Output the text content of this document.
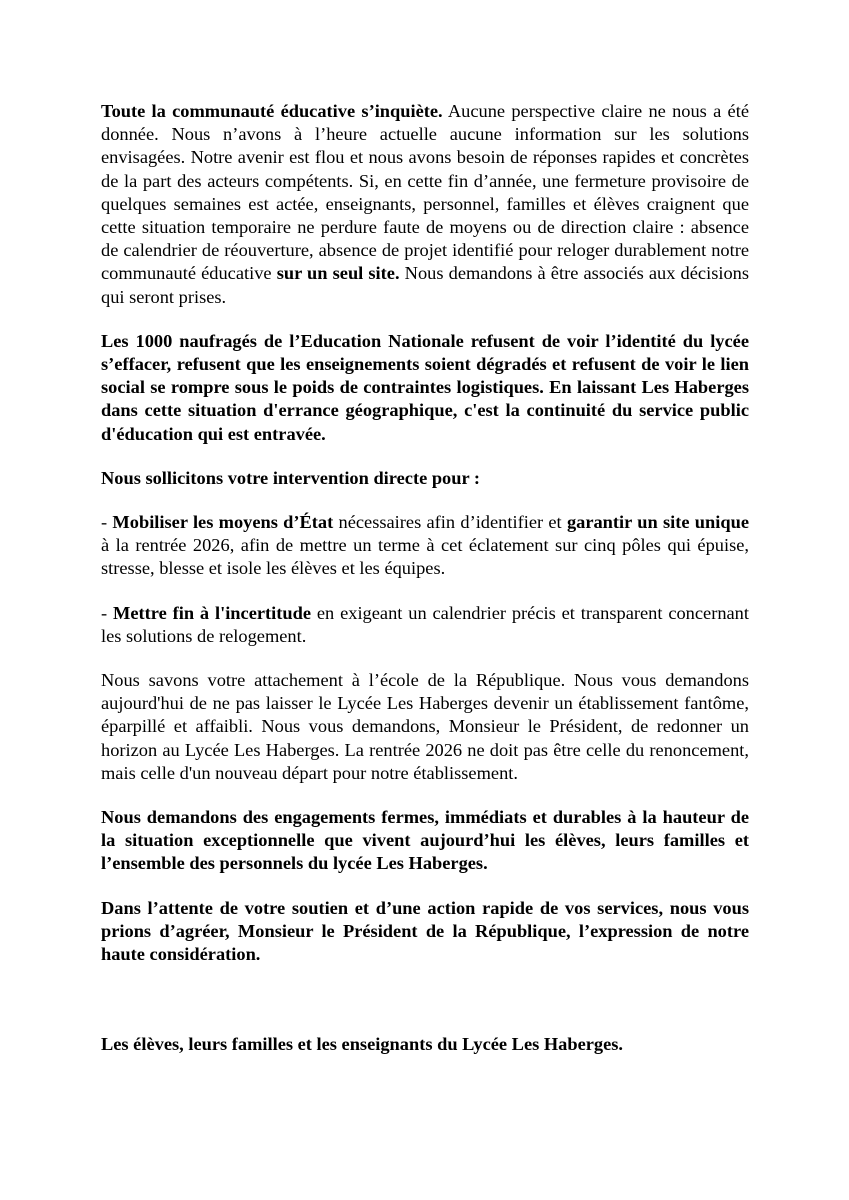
Toute la communauté éducative s’inquiète. Aucune perspective claire ne nous a été donnée. Nous n’avons à l’heure actuelle aucune information sur les solutions envisagées. Notre avenir est flou et nous avons besoin de réponses rapides et concrètes de la part des acteurs compétents. Si, en cette fin d’année, une fermeture provisoire de quelques semaines est actée, enseignants, personnel, familles et élèves craignent que cette situation temporaire ne perdure faute de moyens ou de direction claire : absence de calendrier de réouverture, absence de projet identifié pour reloger durablement notre communauté éducative sur un seul site. Nous demandons à être associés aux décisions qui seront prises.

Les 1000 naufragés de l’Education Nationale refusent de voir l’identité du lycée s’effacer, refusent que les enseignements soient dégradés et refusent de voir le lien social se rompre sous le poids de contraintes logistiques. En laissant Les Haberges dans cette situation d'errance géographique, c'est la continuité du service public d'éducation qui est entravée.

Nous sollicitons votre intervention directe pour :

- Mobiliser les moyens d’État nécessaires afin d’identifier et garantir un site unique à la rentrée 2026, afin de mettre un terme à cet éclatement sur cinq pôles qui épuise, stresse, blesse et isole les élèves et les équipes.

- Mettre fin à l'incertitude en exigeant un calendrier précis et transparent concernant les solutions de relogement.

Nous savons votre attachement à l’école de la République. Nous vous demandons aujourd'hui de ne pas laisser le Lycée Les Haberges devenir un établissement fantôme, éparpillé et affaibli. Nous vous demandons, Monsieur le Président, de redonner un horizon au Lycée Les Haberges. La rentrée 2026 ne doit pas être celle du renoncement, mais celle d'un nouveau départ pour notre établissement.

Nous demandons des engagements fermes, immédiats et durables à la hauteur de la situation exceptionnelle que vivent aujourd’hui les élèves, leurs familles et l’ensemble des personnels du lycée Les Haberges.

Dans l’attente de votre soutien et d’une action rapide de vos services, nous vous prions d’agréer, Monsieur le Président de la République, l’expression de notre haute considération.

Les élèves, leurs familles et les enseignants du Lycée Les Haberges.
